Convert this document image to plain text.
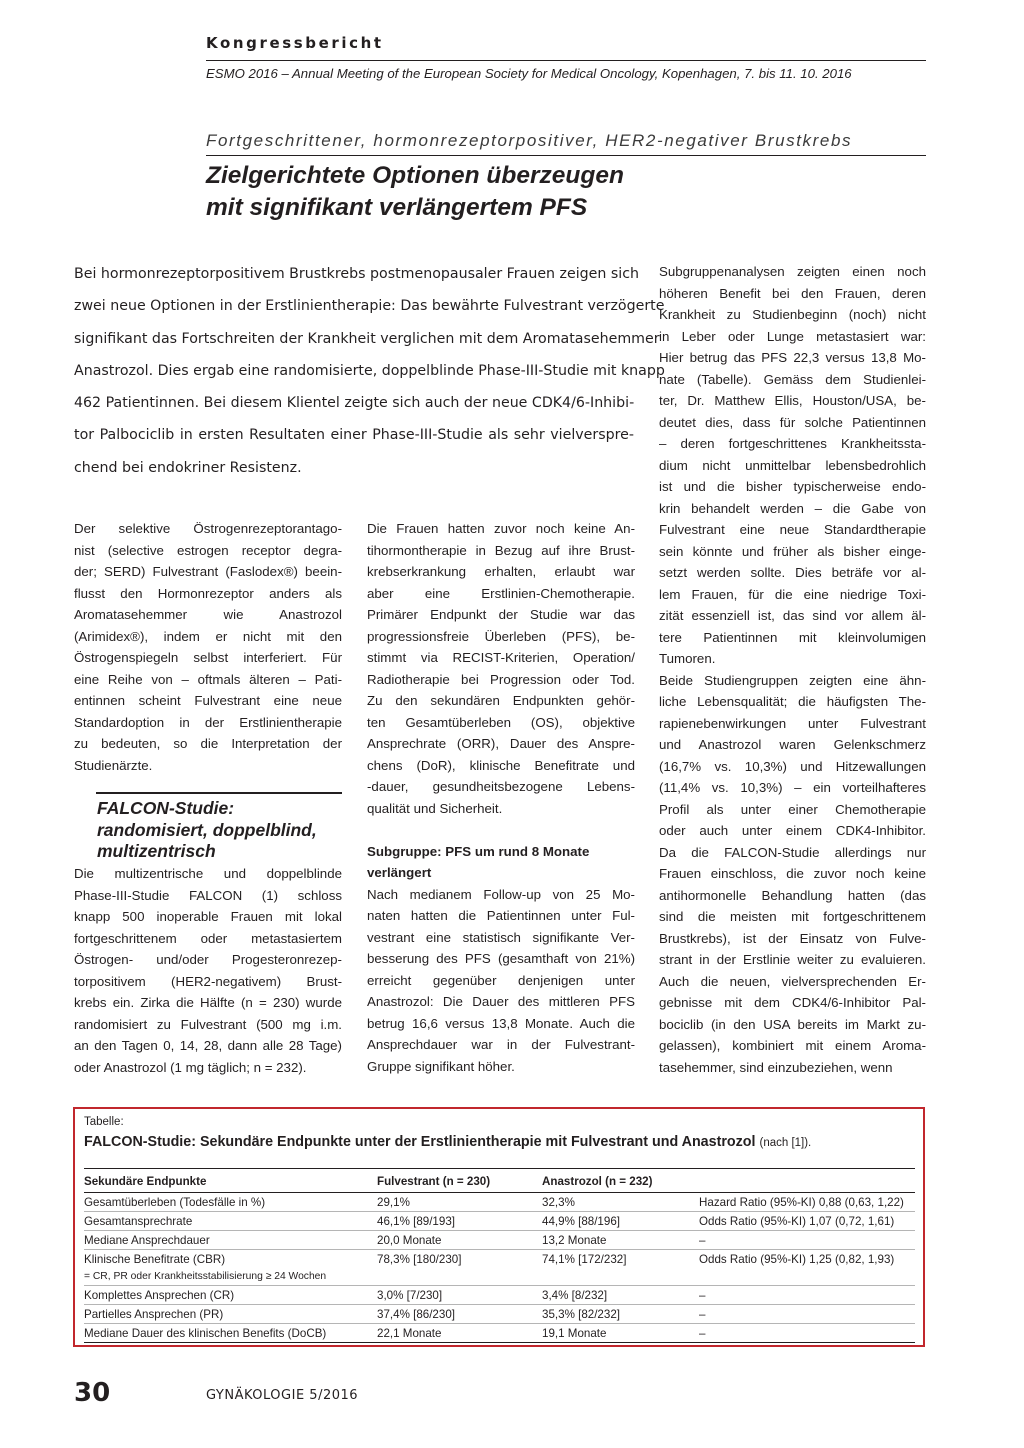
Kongressbericht
ESMO 2016 – Annual Meeting of the European Society for Medical Oncology, Kopenhagen, 7. bis 11. 10. 2016
Fortgeschrittener, hormonrezeptorpositiver, HER2-negativer Brustkrebs
Zielgerichtete Optionen überzeugen
mit signifikant verlängertem PFS
Bei hormonrezeptorpositivem Brustkrebs postmenopausaler Frauen zeigen sich
zwei neue Optionen in der Erstlinientherapie: Das bewährte Fulvestrant verzögerte
signifikant das Fortschreiten der Krankheit verglichen mit dem Aromatasehemmer
Anastrozol. Dies ergab eine randomisierte, doppelblinde Phase-III-Studie mit knapp
462 Patientinnen. Bei diesem Klientel zeigte sich auch der neue CDK4/6-Inhibi-
tor Palbociclib in ersten Resultaten einer Phase-III-Studie als sehr vielverspre-
chend bei endokriner Resistenz.
Der selektive Östrogenrezeptorantago-
nist (selective estrogen receptor degra-
der; SERD) Fulvestrant (Faslodex®) beein-
flusst den Hormonrezeptor anders als
Aromatasehemmer wie Anastrozol
(Arimidex®), indem er nicht mit den
Östrogenspiegeln selbst interferiert. Für
eine Reihe von – oftmals älteren – Pati-
entinnen scheint Fulvestrant eine neue
Standardoption in der Erstlinientherapie
zu bedeuten, so die Interpretation der
Studienärzte.
FALCON-Studie:
randomisiert, doppelblind,
multizentrisch
Die multizentrische und doppelblinde
Phase-III-Studie FALCON (1) schloss
knapp 500 inoperable Frauen mit lokal
fortgeschrittenem oder metastasiertem
Östrogen- und/oder Progesteronrezep-
torpositivem (HER2-negativem) Brust-
krebs ein. Zirka die Hälfte (n = 230) wurde
randomisiert zu Fulvestrant (500 mg i.m.
an den Tagen 0, 14, 28, dann alle 28 Tage)
oder Anastrozol (1 mg täglich; n = 232).
Die Frauen hatten zuvor noch keine An-
tihormontherapie in Bezug auf ihre Brust-
krebserkrankung erhalten, erlaubt war
aber eine Erstlinien-Chemotherapie.
Primärer Endpunkt der Studie war das
progressionsfreie Überleben (PFS), be-
stimmt via RECIST-Kriterien, Operation/
Radiotherapie bei Progression oder Tod.
Zu den sekundären Endpunkten gehör-
ten Gesamtüberleben (OS), objektive
Ansprechrate (ORR), Dauer des Anspre-
chens (DoR), klinische Benefitrate und
-dauer, gesundheitsbezogene Lebens-
qualität und Sicherheit.
Subgruppe: PFS um rund 8 Monate
verlängert
Nach medianem Follow-up von 25 Mo-
naten hatten die Patientinnen unter Ful-
vestrant eine statistisch signifikante Ver-
besserung des PFS (gesamthaft von 21%)
erreicht gegenüber denjenigen unter
Anastrozol: Die Dauer des mittleren PFS
betrug 16,6 versus 13,8 Monate. Auch die
Ansprechdauer war in der Fulvestrant-
Gruppe signifikant höher.
Subgruppenanalysen zeigten einen noch
höheren Benefit bei den Frauen, deren
Krankheit zu Studienbeginn (noch) nicht
in Leber oder Lunge metastasiert war:
Hier betrug das PFS 22,3 versus 13,8 Mo-
nate (Tabelle). Gemäss dem Studienlei-
ter, Dr. Matthew Ellis, Houston/USA, be-
deutet dies, dass für solche Patientinnen
– deren fortgeschrittenes Krankheitssta-
dium nicht unmittelbar lebensbedrohlich
ist und die bisher typischerweise endo-
krin behandelt werden – die Gabe von
Fulvestrant eine neue Standardtherapie
sein könnte und früher als bisher einge-
setzt werden sollte. Dies beträfe vor al-
lem Frauen, für die eine niedrige Toxi-
zität essenziell ist, das sind vor allem äl-
tere Patientinnen mit kleinvolumigen
Tumoren.
Beide Studiengruppen zeigten eine ähn-
liche Lebensqualität; die häufigsten The-
rapienebenwirkungen unter Fulvestrant
und Anastrozol waren Gelenkschmerz
(16,7% vs. 10,3%) und Hitzewallungen
(11,4% vs. 10,3%) – ein vorteilhafteres
Profil als unter einer Chemotherapie
oder auch unter einem CDK4-Inhibitor.
Da die FALCON-Studie allerdings nur
Frauen einschloss, die zuvor noch keine
antihormonelle Behandlung hatten (das
sind die meisten mit fortgeschrittenem
Brustkrebs), ist der Einsatz von Fulve-
strant in der Erstlinie weiter zu evaluieren.
Auch die neuen, vielversprechenden Er-
gebnisse mit dem CDK4/6-Inhibitor Pal-
bociclib (in den USA bereits im Markt zu-
gelassen), kombiniert mit einem Aroma-
tasehemmer, sind einzubeziehen, wenn
Tabelle:
FALCON-Studie: Sekundäre Endpunkte unter der Erstlinientherapie mit Fulvestrant und Anastrozol (nach [1]).
Sekundäre Endpunkte	Fulvestrant (n = 230)	Anastrozol (n = 232)	
Gesamtüberleben (Todesfälle in %)	29,1%	32,3%	Hazard Ratio (95%-KI) 0,88 (0,63, 1,22)
Gesamtansprechrate	46,1% [89/193]	44,9% [88/196]	Odds Ratio (95%-KI) 1,07 (0,72, 1,61)
Mediane Ansprechdauer	20,0 Monate	13,2 Monate	–
Klinische Benefitrate (CBR)	78,3% [180/230]	74,1% [172/232]	Odds Ratio (95%-KI) 1,25 (0,82, 1,93)
= CR, PR oder Krankheitsstabilisierung ≥ 24 Wochen			
Komplettes Ansprechen (CR)	3,0% [7/230]	3,4% [8/232]	–
Partielles Ansprechen (PR)	37,4% [86/230]	35,3% [82/232]	–
Mediane Dauer des klinischen Benefits (DoCB)	22,1 Monate	19,1 Monate	–
30	GYNÄKOLOGIE 5/2016
